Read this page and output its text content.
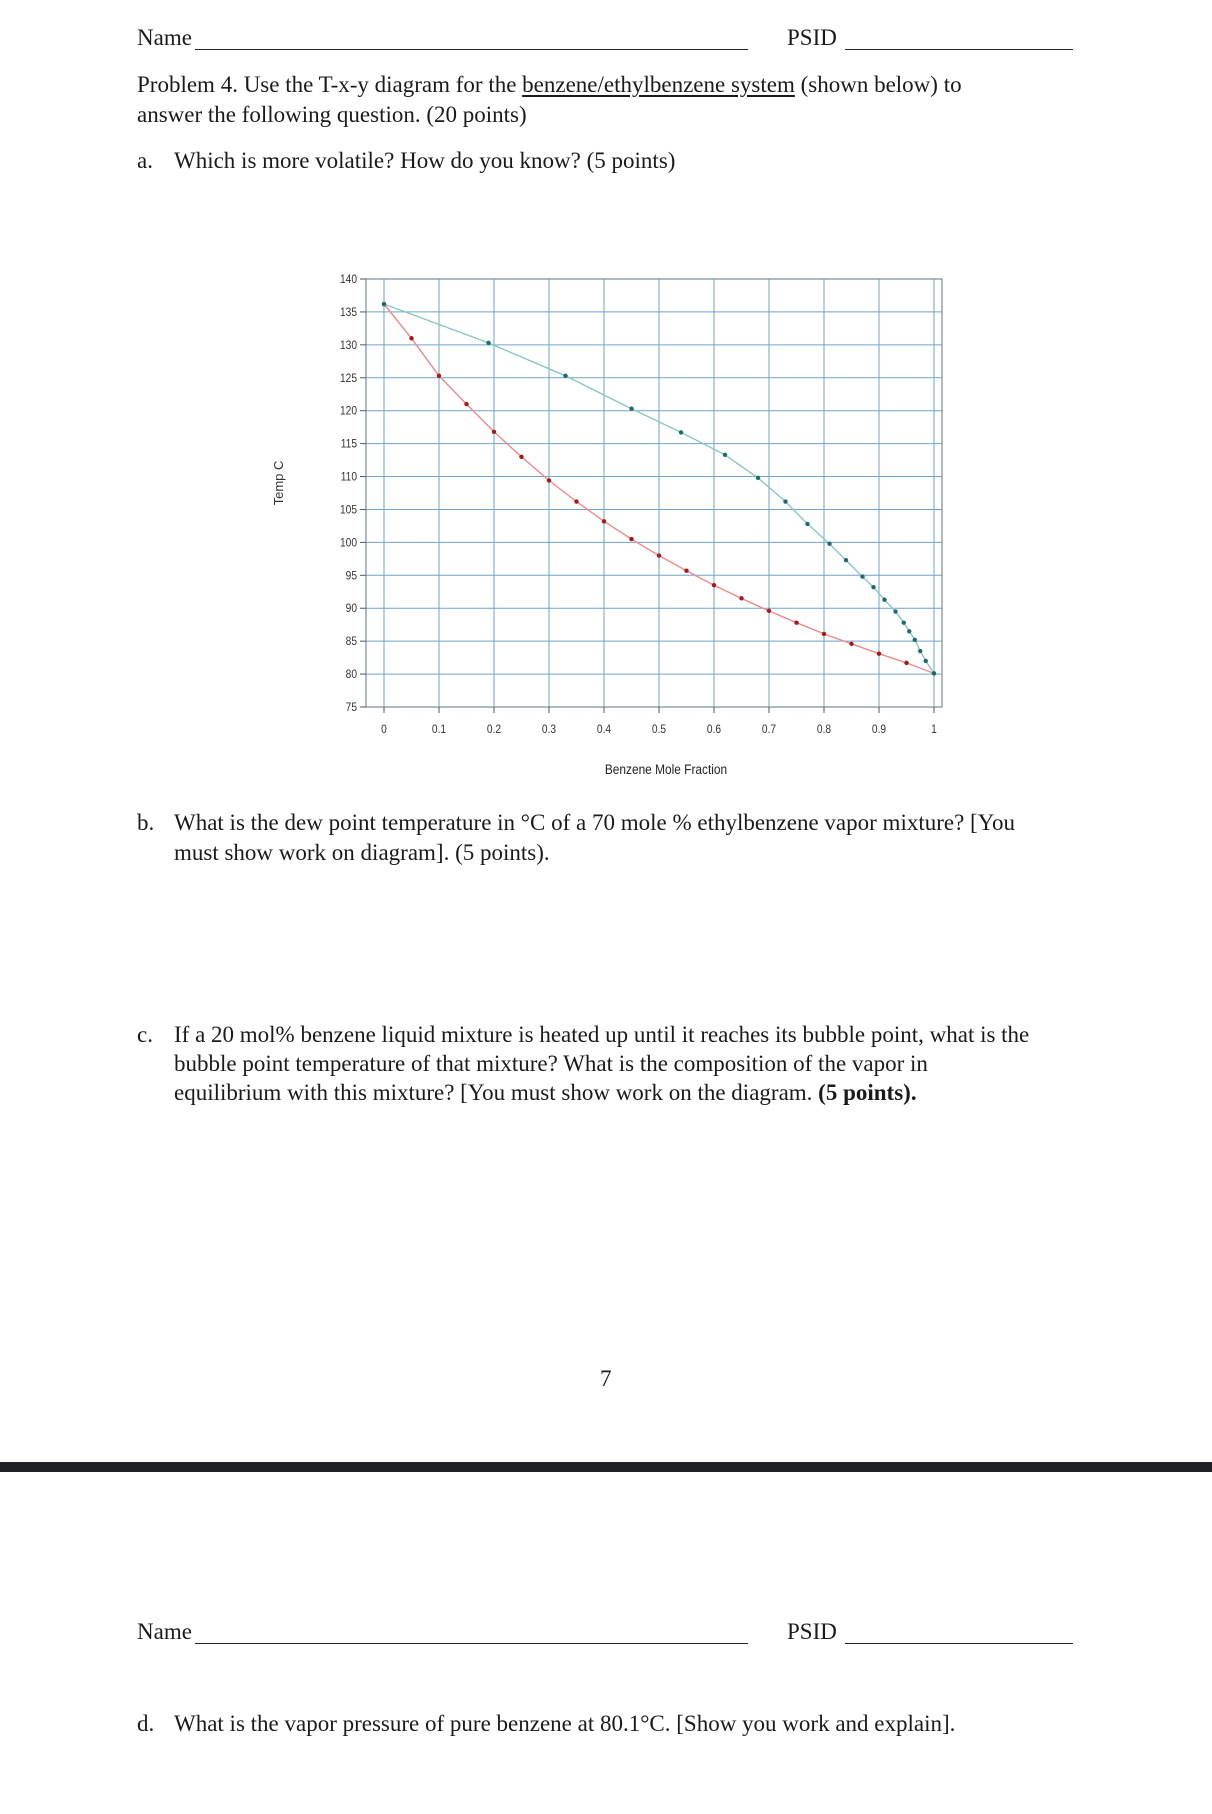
Name	PSID
Problem 4. Use the T-x-y diagram for the benzene/ethylbenzene system (shown below) to
answer the following question. (20 points)
a. Which is more volatile? How do you know? (5 points)
0	0.1	0.2	0.3	0.4	0.5	0.6	0.7	0.8	0.9	1
140
135
130
125
120
115
110
105
100
95
90
85
80
75
Temp C
Benzene Mole Fraction
b. What is the dew point temperature in °C of a 70 mole % ethylbenzene vapor mixture? [You
must show work on diagram]. (5 points).
c. If a 20 mol% benzene liquid mixture is heated up until it reaches its bubble point, what is the
bubble point temperature of that mixture? What is the composition of the vapor in
equilibrium with this mixture? [You must show work on the diagram. (5 points).
7
Name	PSID
d. What is the vapor pressure of pure benzene at 80.1°C. [Show you work and explain].
